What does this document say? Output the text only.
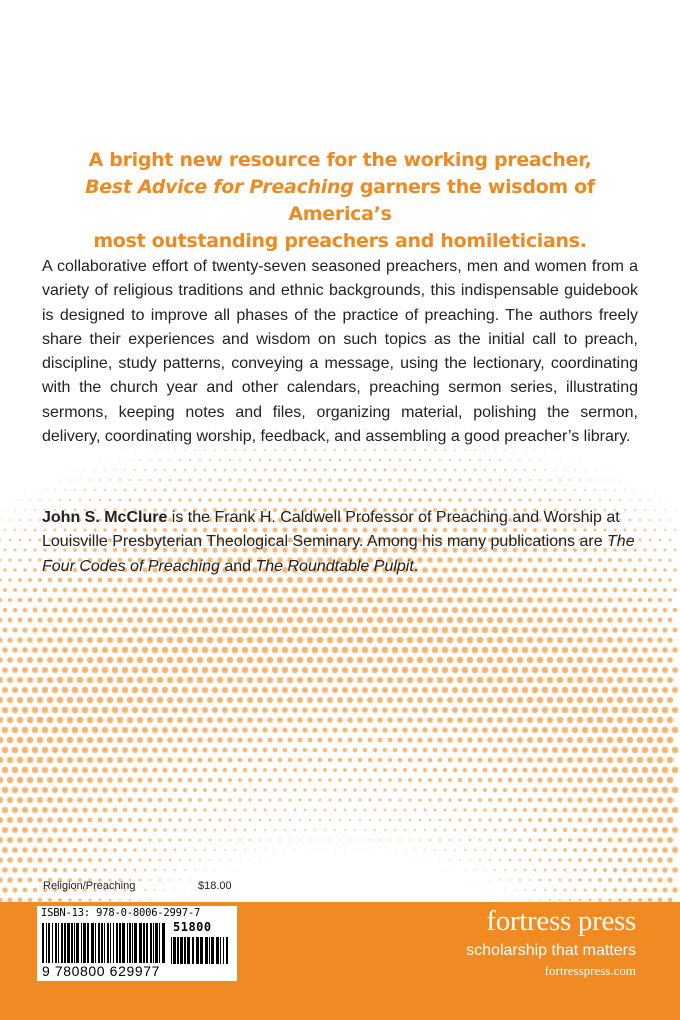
A bright new resource for the working preacher,
Best Advice for Preaching garners the wisdom of America’s
most outstanding preachers and homileticians.
A collaborative effort of twenty-seven seasoned preachers, men and women from a variety of religious traditions and ethnic backgrounds, this indispensable guidebook is designed to improve all phases of the practice of preaching. The authors freely share their experiences and wisdom on such topics as the initial call to preach, discipline, study patterns, conveying a message, using the lectionary, coordinating with the church year and other calendars, preaching sermon series, illustrating sermons, keeping notes and files, organizing material, polishing the sermon, delivery, coordinating worship, feedback, and assembling a good preacher’s library.
John S. McClure is the Frank H. Caldwell Professor of Preaching and Worship at Louisville Presbyterian Theological Seminary. Among his many publications are The Four Codes of Preaching and The Roundtable Pulpit.
Religion/Preaching	$18.00
ISBN-13: 978-0-8006-2997-7
51800
9 780800 629977
fortress press
scholarship that matters
fortresspress.com
